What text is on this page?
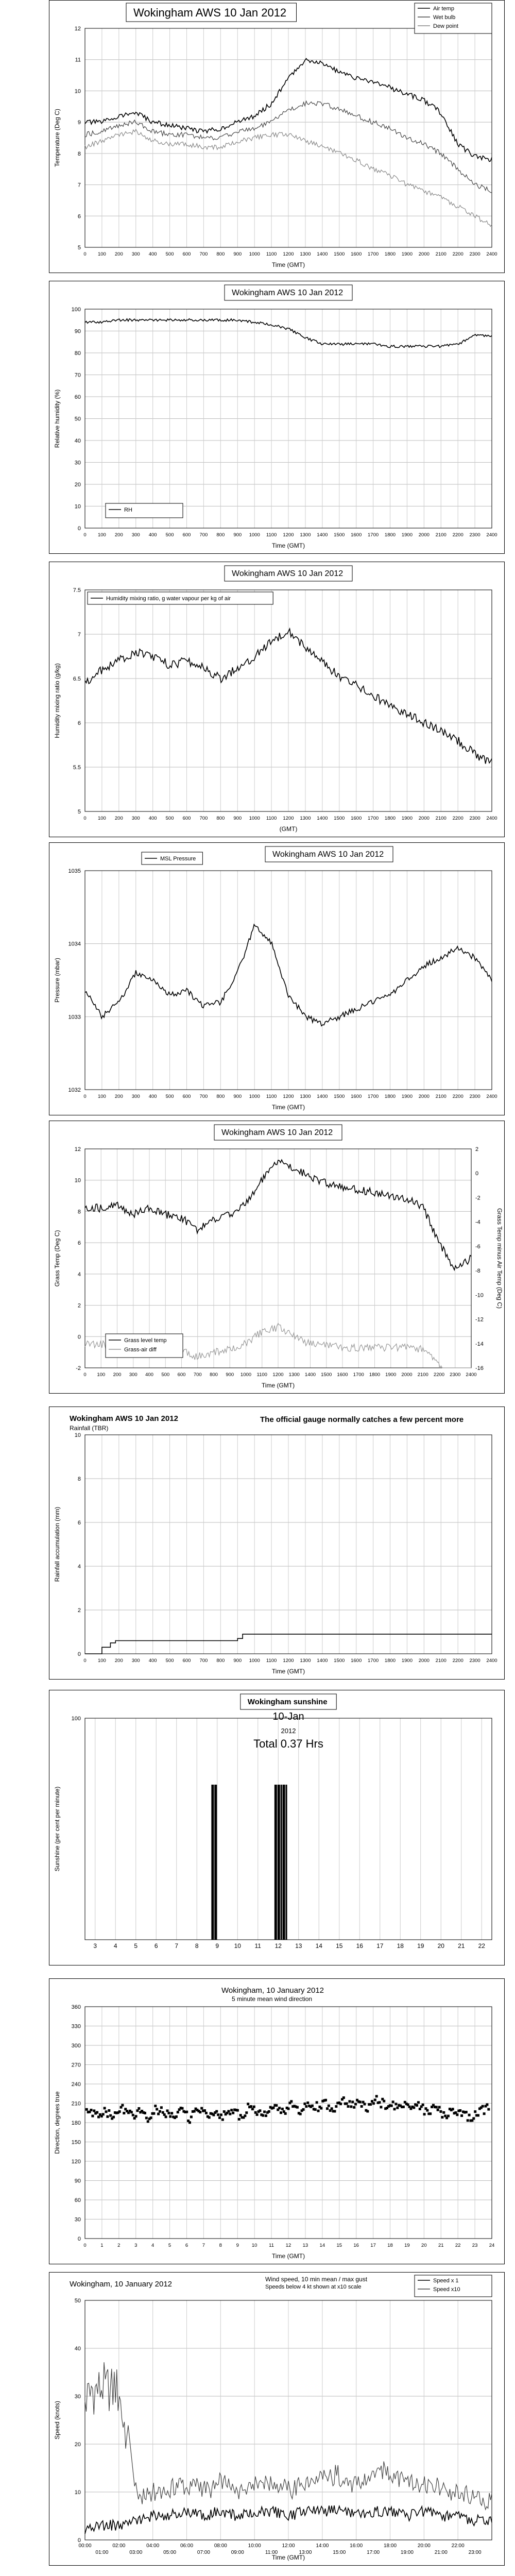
5
6
7
8
9
10
11
12
0 100 200 300 400 500 600 700 800 900 1000 1100 1200 1300 1400 1500 1600 1700 1800 1900 2000 2100 2200 2300 2400
Time (GMT)
Temperature (Deg C)
Wokingham AWS 10 Jan 2012	Air temp
Wet bulb
Dew point
0
10
20
30
40
50
60
70
80
90
100
0 100 200 300 400 500 600 700 800 900 1000 1100 1200 1300 1400 1500 1600 1700 1800 1900 2000 2100 2200 2300 2400
Time (GMT)
Relative humidity (%)
Wokingham AWS 10 Jan 2012
RH
5
5.5
6
6.5
7
7.5
0 100 200 300 400 500 600 700 800 900 1000 1100 1200 1300 1400 1500 1600 1700 1800 1900 2000 2100 2200 2300 2400
(GMT)
Humidity mixing ratio (g/kg)
Wokingham AWS 10 Jan 2012
Humidity mixing ratio, g water vapour per kg of air
1032
1033
1034
1035
0 100 200 300 400 500 600 700 800 900 1000 1100 1200 1300 1400 1500 1600 1700 1800 1900 2000 2100 2200 2300 2400
Time (GMT)
Pressure (mbar)
Wokingham AWS 10 Jan 2012
MSL Pressure
-2
0
2
4
6
8
10
12
-16
-14
-12
-10
-8
-6
-4
-2
0
2
0 100 200 300 400 500 600 700 800 900 1000 1100 1200 1300 1400 1500 1600 1700 1800 1900 2000 2100 2200 2300 2400
Time (GMT)
Grass Temp (Deg C)	Grass Temp minus Air Temp (Deg C)
Wokingham AWS 10 Jan 2012
Grass level temp
Grass-air diff
0
2
4
6
8
10
0 100 200 300 400 500 600 700 800 900 1000 1100 1200 1300 1400 1500 1600 1700 1800 1900 2000 2100 2200 2300 2400
Time (GMT)
Rainfall accumulation (mm)
Wokingham AWS 10 Jan 2012
Rainfall (TBR)
The official gauge normally catches a few percent more
100
3	4	5	6	7	8	9 10 11 12 13 14 15 16 17 18 19 20 21 22
Sunshine (per cent per minute)
Wokingham sunshine
10-Jan
2012
Total 0.37 Hrs
0
30
60
90
120
150
180
210
240
270
300
330
360
0	1	2	3	4	5	6	7	8	9	10 11 12 13 14 15 16 17 18 19 20 21 22 23 24
Time (GMT)
Direction, degrees true
Wokingham, 10 January 2012
5 minute mean wind direction
0
10
20
30
40
50
00:00	02:00	04:00	06:00	08:00	10:00	12:00	14:00	16:00	18:00	20:00	22:00
01:00	03:00	05:00	07:00	09:00	11:00	13:00	15:00	17:00	19:00	21:00	23:00
Time (GMT)
Speed (knots)
Wokingham, 10 January 2012
Wind speed, 10 min mean / max gust
Speeds below 4 kt shown at x10 scale
Speed x 1
Speed x10
